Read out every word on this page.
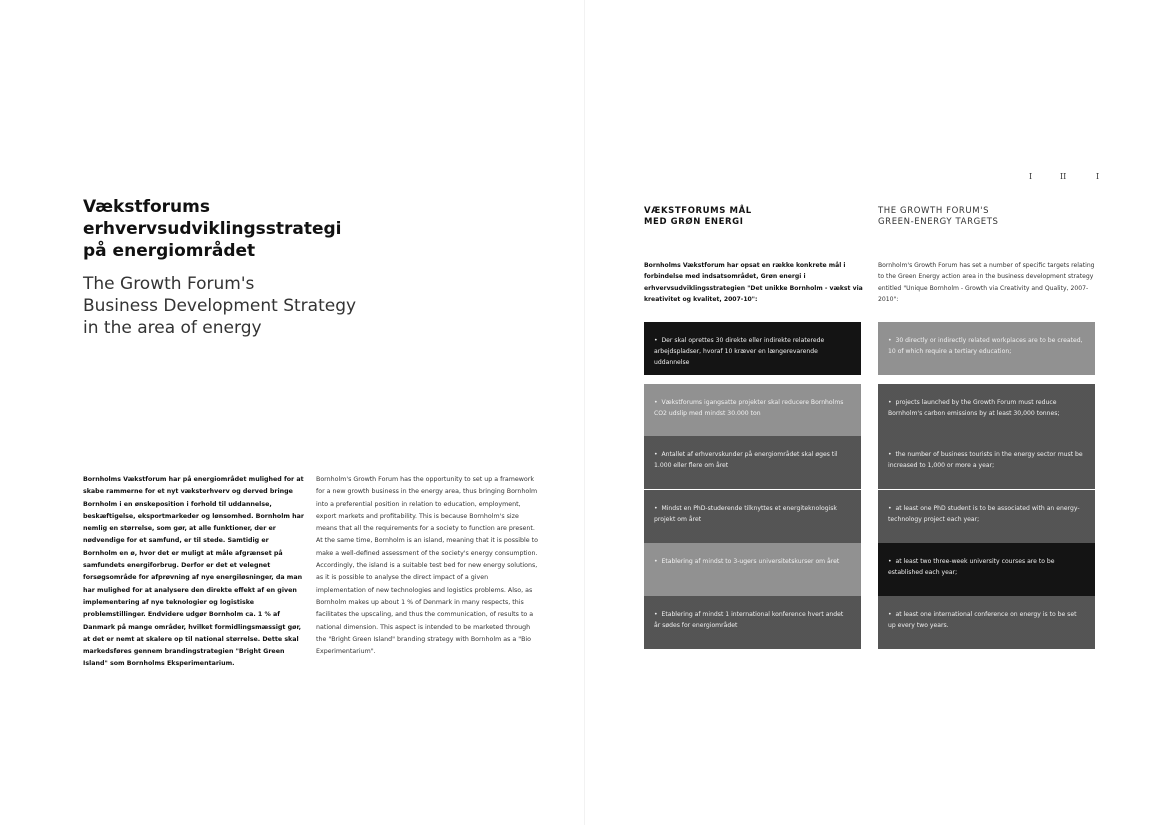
Vækstforums
erhvervsudviklingsstrategi
på energiområdet
The Growth Forum's
Business Development Strategy
in the area of energy

Bornholms Vækstforum har på energiområdet mulighed for at skabe rammerne for et nyt væksterhverv og derved bringe Bornholm i en ønskeposition i forhold til uddannelse, beskæftigelse, eksportmarkeder og lønsomhed. Bornholm har nemlig en størrelse, som gør, at alle funktioner, der er nødvendige for et samfund, er til stede. Samtidig er Bornholm en ø, hvor det er muligt at måle afgrænset på samfundets energiforbrug. Derfor er det et velegnet forsøgsområde for afprøvning af nye energiløsninger, da man har mulighed for at analysere den direkte effekt af en given implementering af nye teknologier og logistiske problemstillinger. Endvidere udgør Bornholm ca. 1 % af Danmark på mange områder, hvilket formidlingsmæssigt gør, at det er nemt at skalere op til national størrelse. Dette skal markedsføres gennem brandingstrategien "Bright Green Island" som Bornholms Eksperimentarium.

Bornholm's Growth Forum has the opportunity to set up a framework for a new growth business in the energy area, thus bringing Bornholm into a preferential position in relation to education, employment, export markets and profitability. This is because Bornholm's size means that all the requirements for a society to function are present. At the same time, Bornholm is an island, meaning that it is possible to make a well-defined assessment of the society's energy consumption. Accordingly, the island is a suitable test bed for new energy solutions, as it is possible to analyse the direct impact of a given implementation of new technologies and logistics problems. Also, as Bornholm makes up about 1 % of Denmark in many respects, this facilitates the upscaling, and thus the communication, of results to a national dimension. This aspect is intended to be marketed through the "Bright Green Island" branding strategy with Bornholm as a "Bio Experimentarium".

I	II	I
VÆKSTFORUMS MÅL
MED GRØN ENERGI
THE GROWTH FORUM'S
GREEN-ENERGY TARGETS

Bornholms Vækstforum har opsat en række konkrete mål i forbindelse med indsatsområdet, Grøn energi i erhvervsudviklingsstrategien "Det unikke Bornholm - vækst via kreativitet og kvalitet, 2007-10":

Bornholm's Growth Forum has set a number of specific targets relating to the Green Energy action area in the business development strategy entitled "Unique Bornholm - Growth via Creativity and Quality, 2007-2010":

•  Der skal oprettes 30 direkte eller indirekte relaterede arbejdspladser, hvoraf 10 kræver en længerevarende uddannelse
•  Vækstforums igangsatte projekter skal reducere Bornholms CO2 udslip med mindst 30.000 ton
•  Antallet af erhvervskunder på energiområdet skal øges til 1.000 eller flere om året
•  Mindst en PhD-studerende tilknyttes et energiteknologisk projekt om året
•  Etablering af mindst to 3-ugers universitetskurser om året
•  Etablering af mindst 1 international konference hvert andet år sødes for energiområdet
•  30 directly or indirectly related workplaces are to be created, 10 of which require a tertiary education;
•  projects launched by the Growth Forum must reduce Bornholm's carbon emissions by at least 30,000 tonnes;
•  the number of business tourists in the energy sector must be increased to 1,000 or more a year;
•  at least one PhD student is to be associated with an energy-technology project each year;
•  at least two three-week university courses are to be established each year;
•  at least one international conference on energy is to be set up every two years.
